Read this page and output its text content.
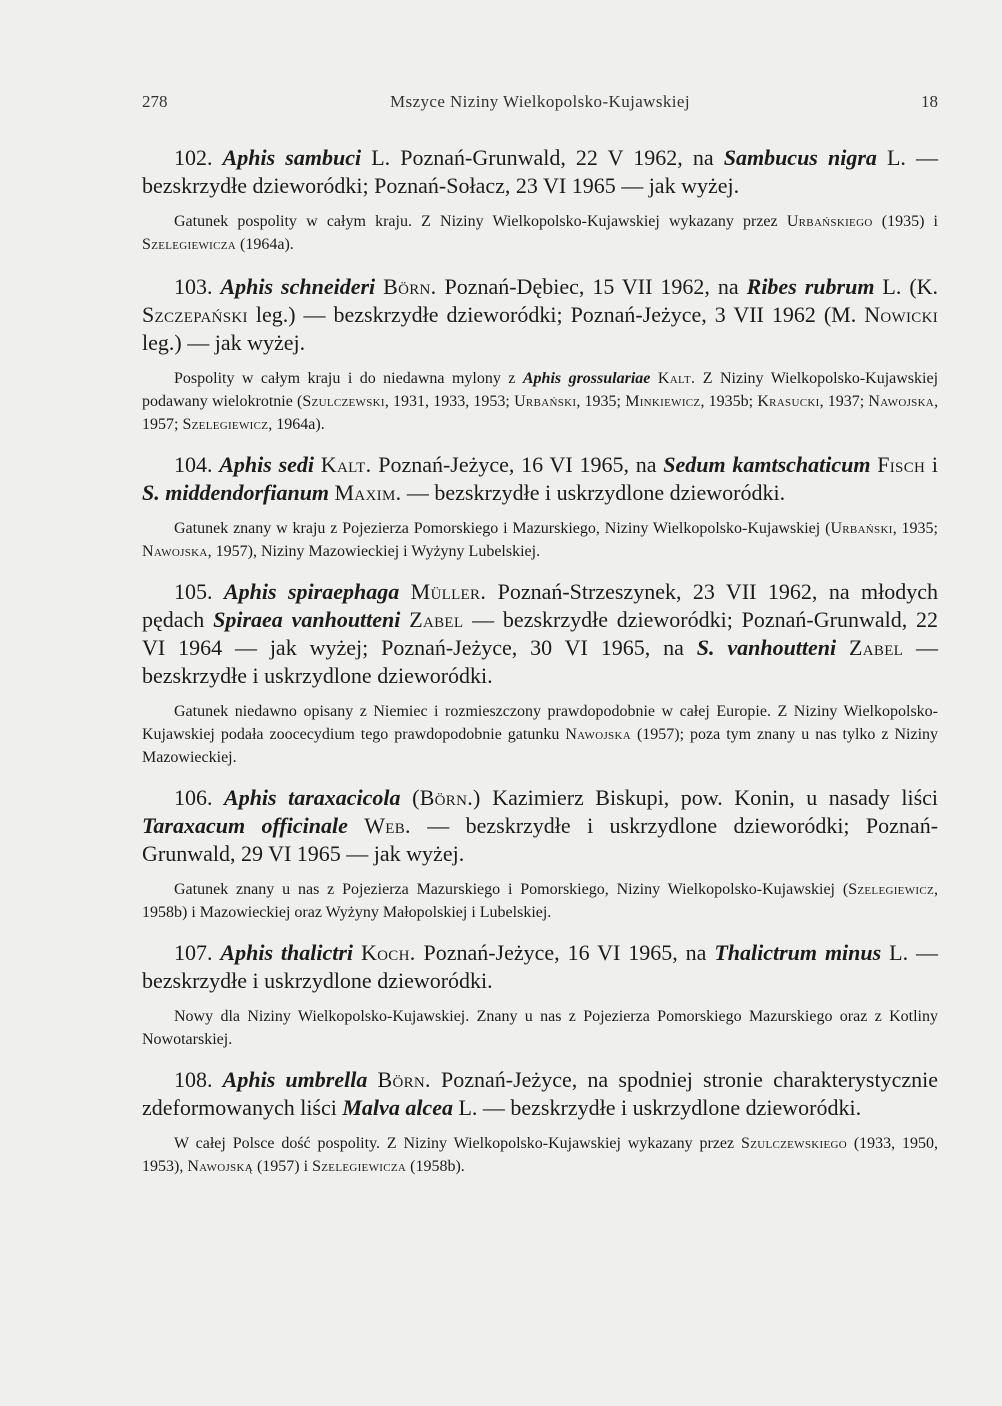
278	Mszyce Niziny Wielkopolsko-Kujawskiej	18

102. Aphis sambuci L. Poznań-Grunwald, 22 V 1962, na Sambucus nigra L. — bezskrzydłe dzieworódki; Poznań-Sołacz, 23 VI 1965 — jak wyżej.

Gatunek pospolity w całym kraju. Z Niziny Wielkopolsko-Kujawskiej wykazany przez Urbańskiego (1935) i Szelegiewicza (1964a).

103. Aphis schneideri Börn. Poznań-Dębiec, 15 VII 1962, na Ribes rubrum L. (K. Szczepański leg.) — bezskrzydłe dzieworódki; Poznań-Jeżyce, 3 VII 1962 (M. Nowicki leg.) — jak wyżej.

Pospolity w całym kraju i do niedawna mylony z Aphis grossulariae Kalt. Z Niziny Wielkopolsko-Kujawskiej podawany wielokrotnie (Szulczewski, 1931, 1933, 1953; Urbański, 1935; Minkiewicz, 1935b; Krasucki, 1937; Nawojska, 1957; Szelegiewicz, 1964a).

104. Aphis sedi Kalt. Poznań-Jeżyce, 16 VI 1965, na Sedum kamtschaticum Fisch i S. middendorfianum Maxim. — bezskrzydłe i uskrzydlone dzieworódki.

Gatunek znany w kraju z Pojezierza Pomorskiego i Mazurskiego, Niziny Wielkopolsko-Kujawskiej (Urbański, 1935; Nawojska, 1957), Niziny Mazowieckiej i Wyżyny Lubelskiej.

105. Aphis spiraephaga Müller. Poznań-Strzeszynek, 23 VII 1962, na młodych pędach Spiraea vanhoutteni Zabel — bezskrzydłe dzieworódki; Poznań-Grunwald, 22 VI 1964 — jak wyżej; Poznań-Jeżyce, 30 VI 1965, na S. vanhoutteni Zabel — bezskrzydłe i uskrzydlone dzieworódki.

Gatunek niedawno opisany z Niemiec i rozmieszczony prawdopodobnie w całej Europie. Z Niziny Wielkopolsko-Kujawskiej podała zoocecydium tego prawdopodobnie gatunku Nawojska (1957); poza tym znany u nas tylko z Niziny Mazowieckiej.

106. Aphis taraxacicola (Börn.) Kazimierz Biskupi, pow. Konin, u nasady liści Taraxacum officinale Web. — bezskrzydłe i uskrzydlone dzieworódki; Poznań-Grunwald, 29 VI 1965 — jak wyżej.

Gatunek znany u nas z Pojezierza Mazurskiego i Pomorskiego, Niziny Wielkopolsko-Kujawskiej (Szelegiewicz, 1958b) i Mazowieckiej oraz Wyżyny Małopolskiej i Lubelskiej.

107. Aphis thalictri Koch. Poznań-Jeżyce, 16 VI 1965, na Thalictrum minus L. — bezskrzydłe i uskrzydlone dzieworódki.

Nowy dla Niziny Wielkopolsko-Kujawskiej. Znany u nas z Pojezierza Pomorskiego Mazurskiego oraz z Kotliny Nowotarskiej.

108. Aphis umbrella Börn. Poznań-Jeżyce, na spodniej stronie charakterystycznie zdeformowanych liści Malva alcea L. — bezskrzydłe i uskrzydlone dzieworódki.

W całej Polsce dość pospolity. Z Niziny Wielkopolsko-Kujawskiej wykazany przez Szulczewskiego (1933, 1950, 1953), Nawojską (1957) i Szelegiewicza (1958b).
